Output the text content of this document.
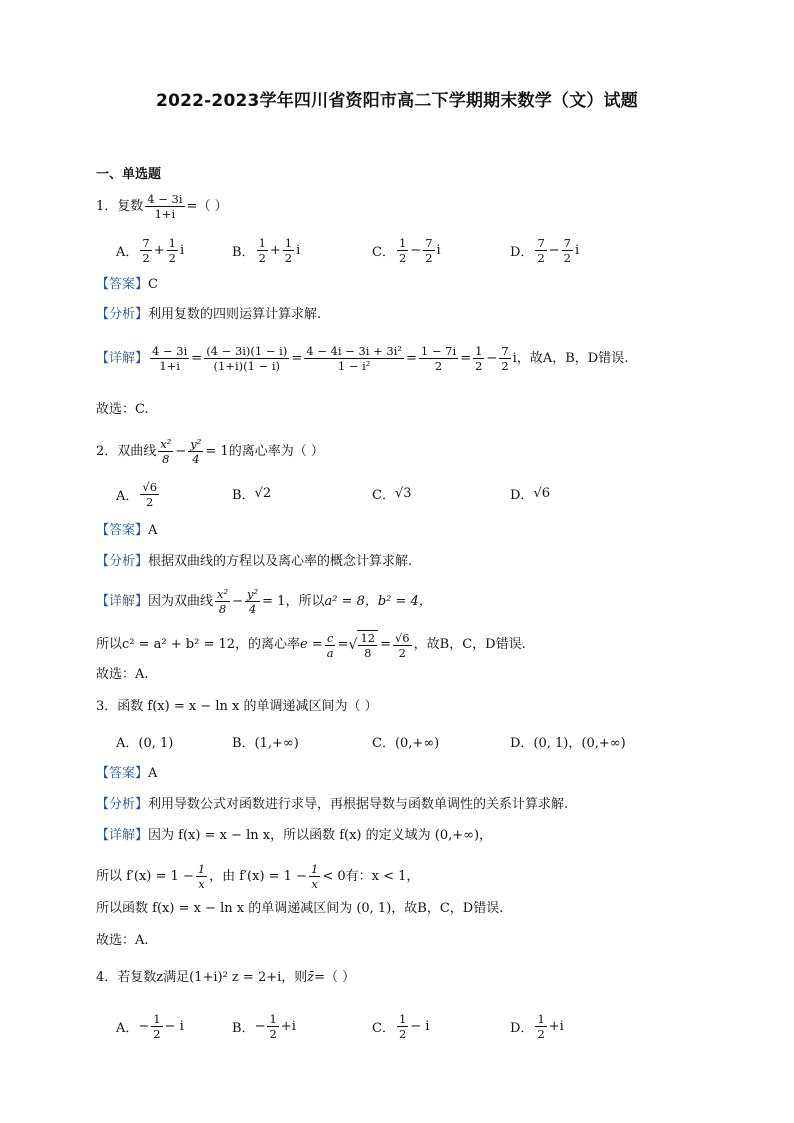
2022-2023学年四川省资阳市高二下学期期末数学（文）试题
一、单选题
1．复数 $\frac{4 - 3i}{1+i}$ =（ ）
A． $\frac{7}{2} + \frac{1}{2}$ i	B． $\frac{1}{2} + \frac{1}{2}$ i	C． $\frac{1}{2} - \frac{7}{2}$ i	D． $\frac{7}{2} - \frac{7}{2}$ i
【答案】 C
【分析】 利用复数的四则运算计算求解.
【详解】 $\frac{4 - 3i}{1+i} = \frac{(4 - 3i)(1 - i)}{(1+i)(1 - i)} = \frac{\text{4 − 4i − 3i + 3i²}}{\text{1 − i²}} = \frac{1 - 7i}{2} = \frac{1}{2} - \frac{7}{2}$ i ，故A，B，D错误.
故选：C.
2．双曲线 $\frac{\text{x²}}{8} - \frac{\text{y²}}{4} = 1$的离心率为（ ）
A． $\frac{√6}{2}$	B． √2	C． √3	D． √6
【答案】 A
【分析】 根据双曲线的方程以及离心率的概念计算求解.
【详解】 因为双曲线 $\frac{\text{x²}}{8} - \frac{\text{y²}}{4} = 1$，所以 a² = 8，b² = 4，
所以 c² = a² + b² = 12，的离心率 $e = \frac{c}{a}$ = √ $\frac{12}{8} = \frac{√6}{2}$ ，故B，C，D错误.
故选：A.
3．函数 f(x) = x − ln x 的单调递减区间为（ ）
A．(0, 1)	B．(1,+∞)	C．(0,+∞)	D．(0, 1)，(0,+∞)
【答案】 A
【分析】 利用导数公式对函数进行求导，再根据导数与函数单调性的关系计算求解.
【详解】 因为 f(x) = x − ln x，所以函数 f(x) 的定义域为 (0,+∞)，
所以 $f'(x) = 1 - \frac{1}{x}$ ，由 $f'(x) = 1 - \frac{1}{x} < 0$有：x < 1，
所以函数 f(x) = x − ln x 的单调递减区间为 (0, 1)，故B，C，D错误.
故选：A.
4．若复数z满足 (1+i)² z = 2+i，则 z̄ =（ ）
A． − $\frac{1}{2} - i$	B． − $\frac{1}{2} +i$	C． $\frac{1}{2} - i$	D． $\frac{1}{2} +i$
